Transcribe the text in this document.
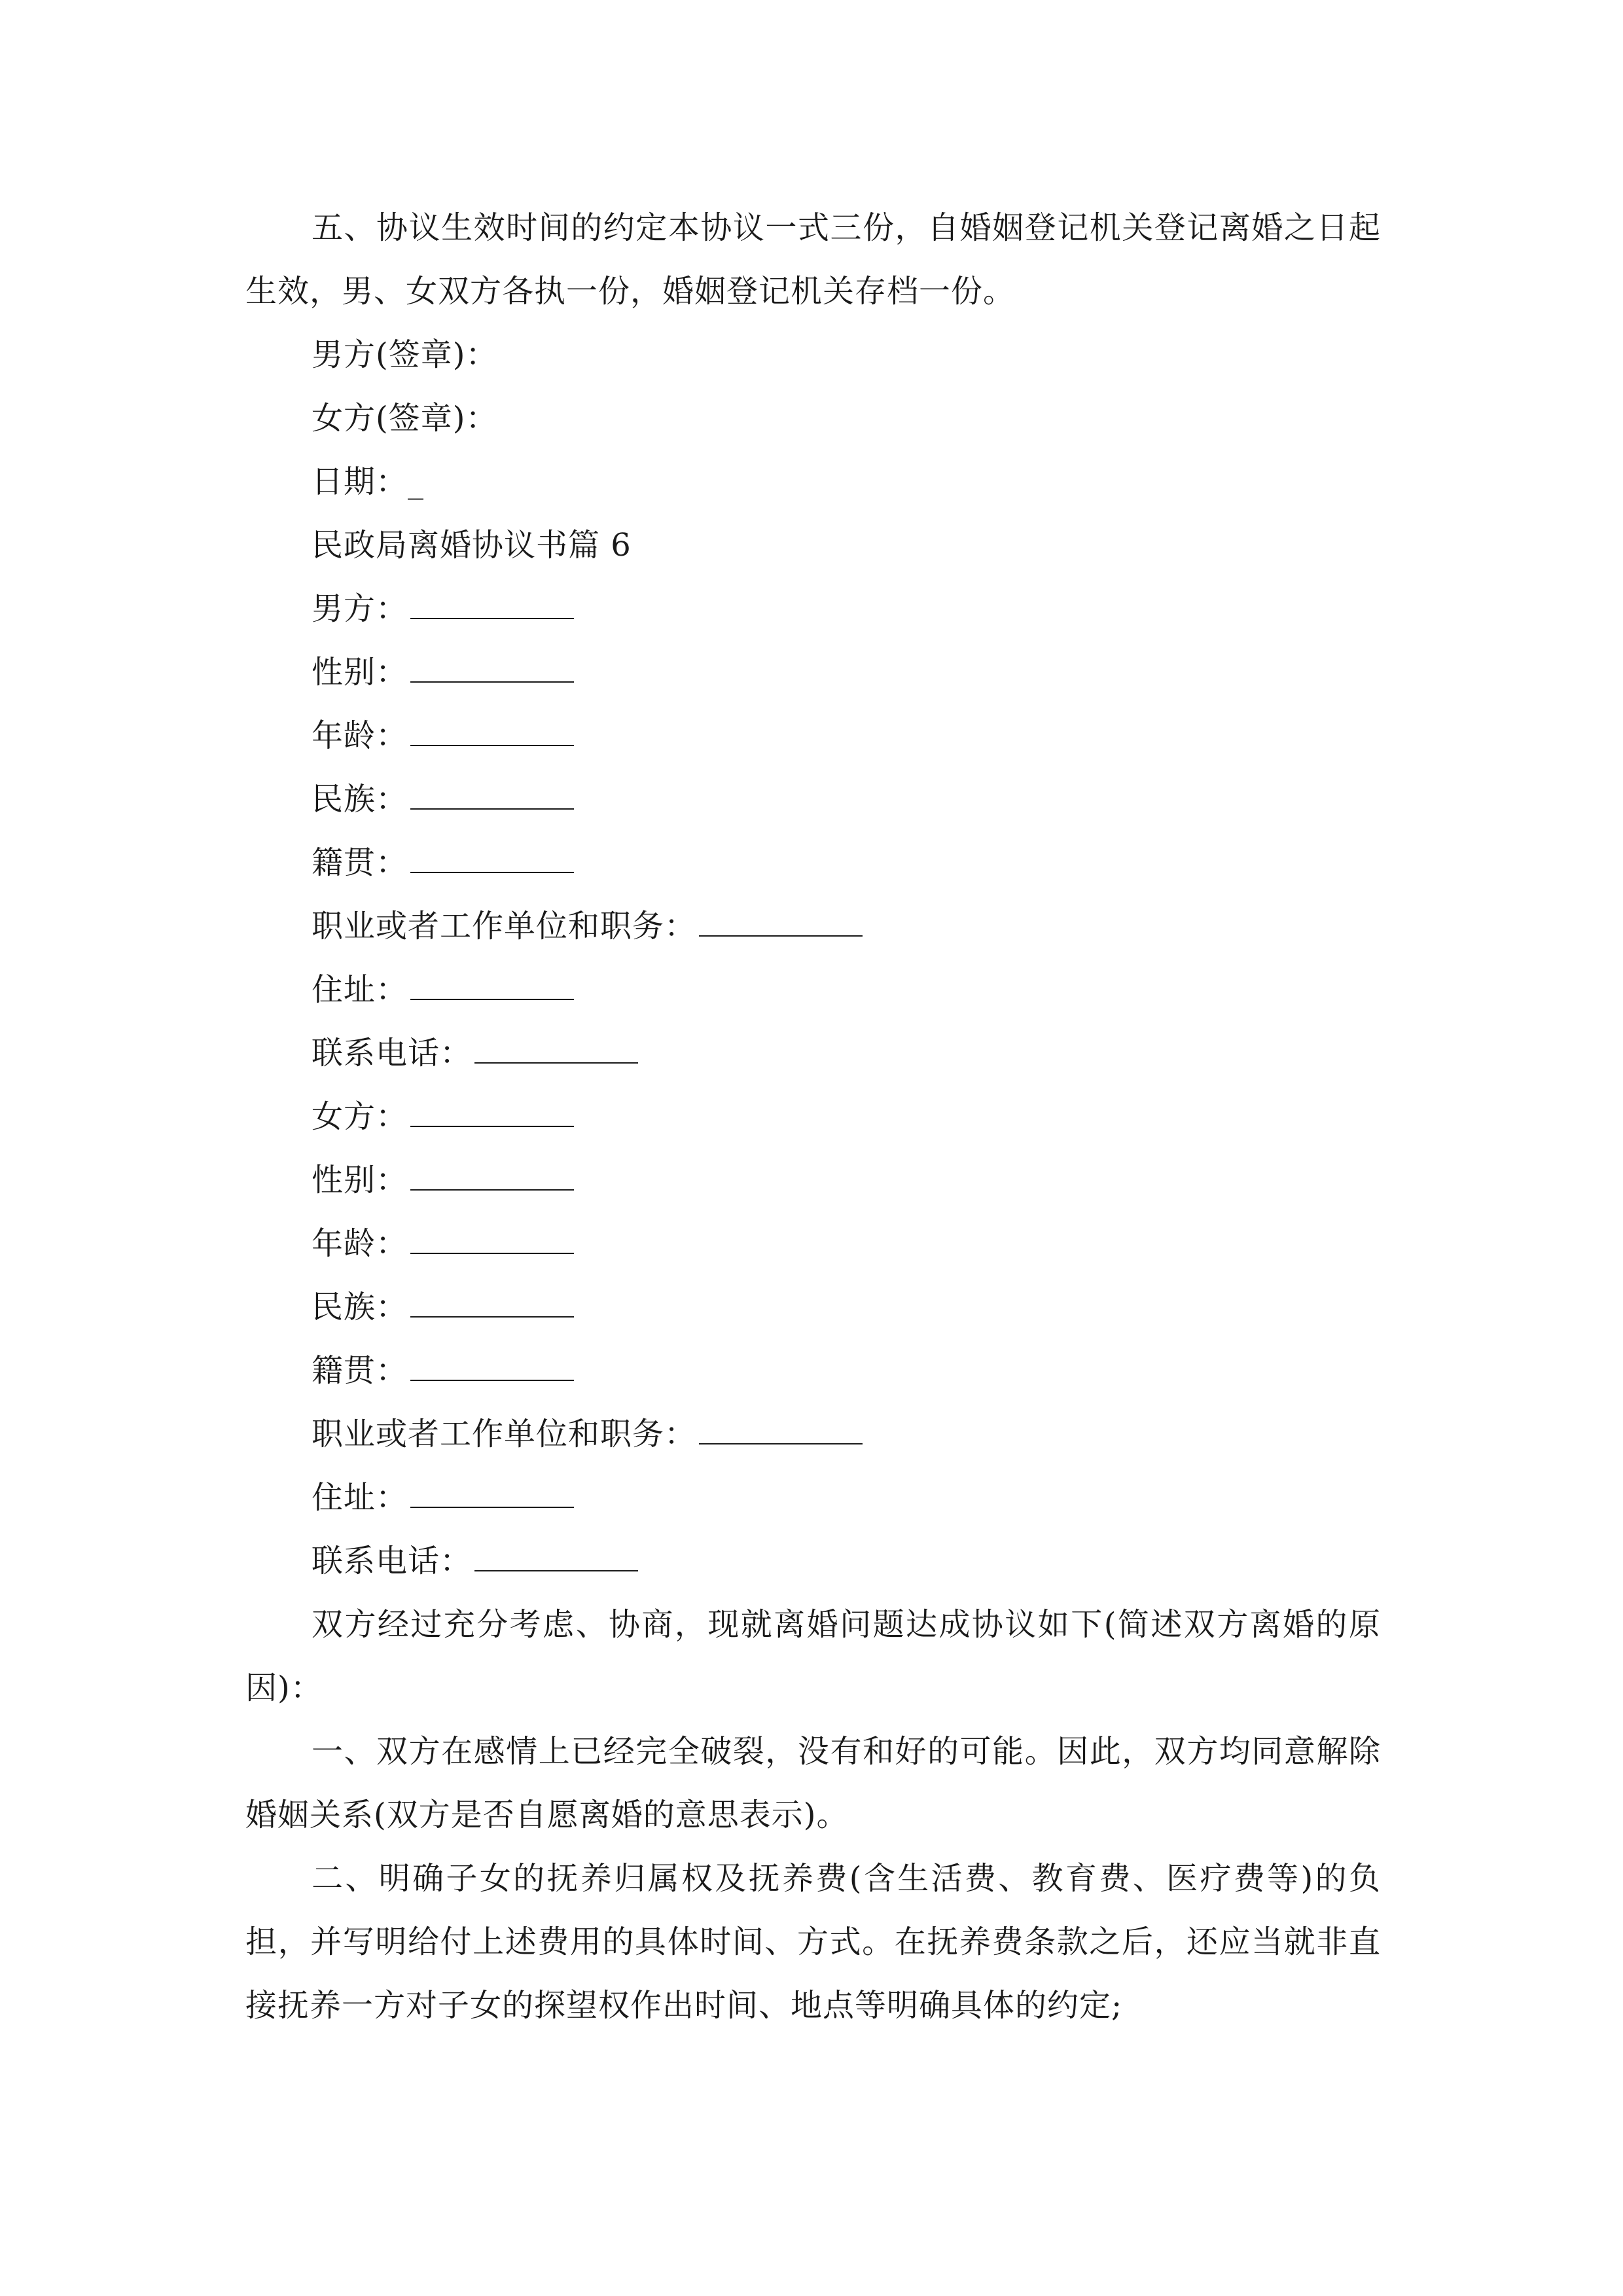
五、协议生效时间的约定本协议一式三份，自婚姻登记机关登记离婚之日起生效，男、女双方各执一份，婚姻登记机关存档一份。

男方(签章)：
女方(签章)：
日期：_
民政局离婚协议书篇 6
男方：
性别：
年龄：
民族：
籍贯：
职业或者工作单位和职务：
住址：
联系电话：
女方：
性别：
年龄：
民族：
籍贯：
职业或者工作单位和职务：
住址：
联系电话：

双方经过充分考虑、协商，现就离婚问题达成协议如下(简述双方离婚的原因)：

一、双方在感情上已经完全破裂，没有和好的可能。因此，双方均同意解除婚姻关系(双方是否自愿离婚的意思表示)。

二、明确子女的抚养归属权及抚养费(含生活费、教育费、医疗费等)的负担，并写明给付上述费用的具体时间、方式。在抚养费条款之后，还应当就非直接抚养一方对子女的探望权作出时间、地点等明确具体的约定;
